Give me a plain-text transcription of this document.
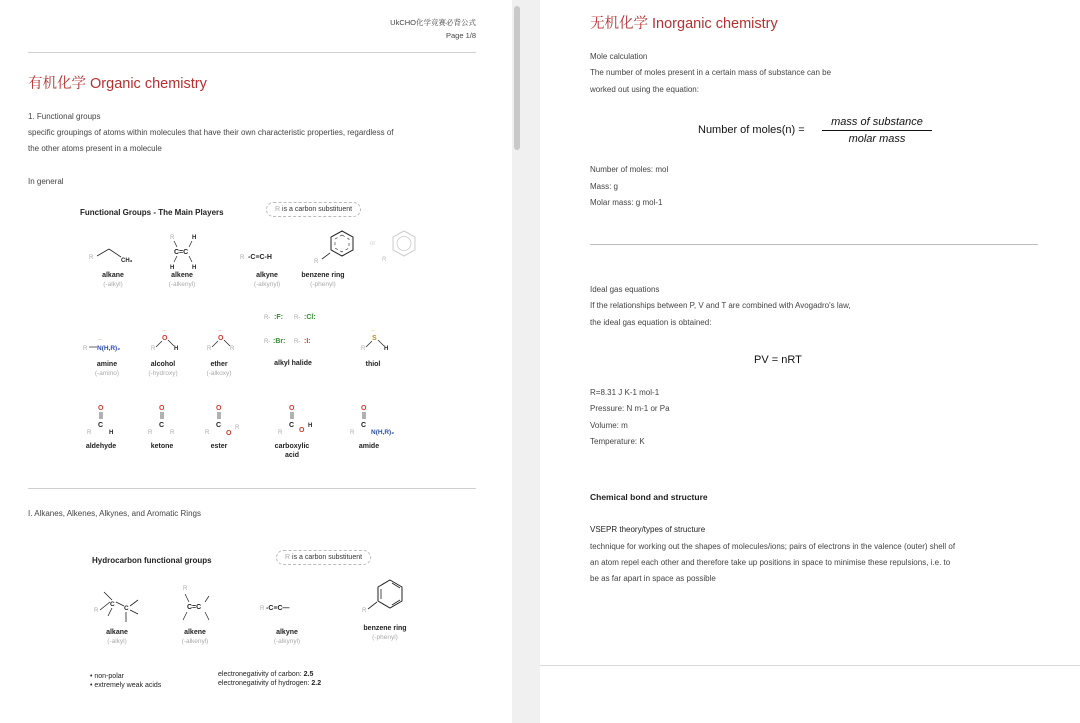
UkCHO化学竞赛必背公式
Page 1/8
有机化学 Organic chemistry
1. Functional groups
specific groupings of atoms within molecules that have their own characteristic properties, regardless of
the other atoms present in a molecule
In general
Functional Groups - The Main Players	R is a carbon substituent
R	CH₃
alkane
(-alkyl)
R	H
C=C
H	H
alkene
(-alkenyl)
R -C≡C-H
alkyne
(-alkynyl)
R
or
R
benzene ring
(-phenyl)
R N(H,R)₂
··
amine
(-amino)
R
O
··
H
alcohol
(-hydroxy)
R
O
··
R
ether
(-alkoxy)
R- :F: R- :Cl:
R- :Br: R- :I:
alkyl halide
R
S
··
H
thiol
O
C
R	H
aldehyde
O
C
R	R
ketone
O
C
R O
R
ester
O
C
R O
H
carboxylic acid
O
C
R	N(H,R)₂
amide
I. Alkanes, Alkenes, Alkynes, and Aromatic Rings
Hydrocarbon functional groups	R is a carbon substituent
R
C
C
alkane
(-alkyl)
R
C=C
alkene
(-alkenyl)
R -C≡C—
alkyne
(-alkynyl)
R
benzene ring
(-phenyl)
• non-polar
• extremely weak acids
electronegativity of carbon: 2.5
electronegativity of hydrogen: 2.2
无机化学 Inorganic chemistry
Mole calculation
The number of moles present in a certain mass of substance can be
worked out using the equation:
Number of moles(n) =
mass of substance
molar mass
Number of moles: mol
Mass: g
Molar mass: g mol-1
Ideal gas equations
If the relationships between P, V and T are combined with Avogadro's law,
the ideal gas equation is obtained:
PV = nRT
R=8.31 J K-1 mol-1
Pressure: N m-1 or Pa
Volume: m
Temperature: K
Chemical bond and structure
VSEPR theory/types of structure
technique for working out the shapes of molecules/ions; pairs of electrons in the valence (outer) shell of
an atom repel each other and therefore take up positions in space to minimise these repulsions, i.e. to
be as far apart in space as possible
